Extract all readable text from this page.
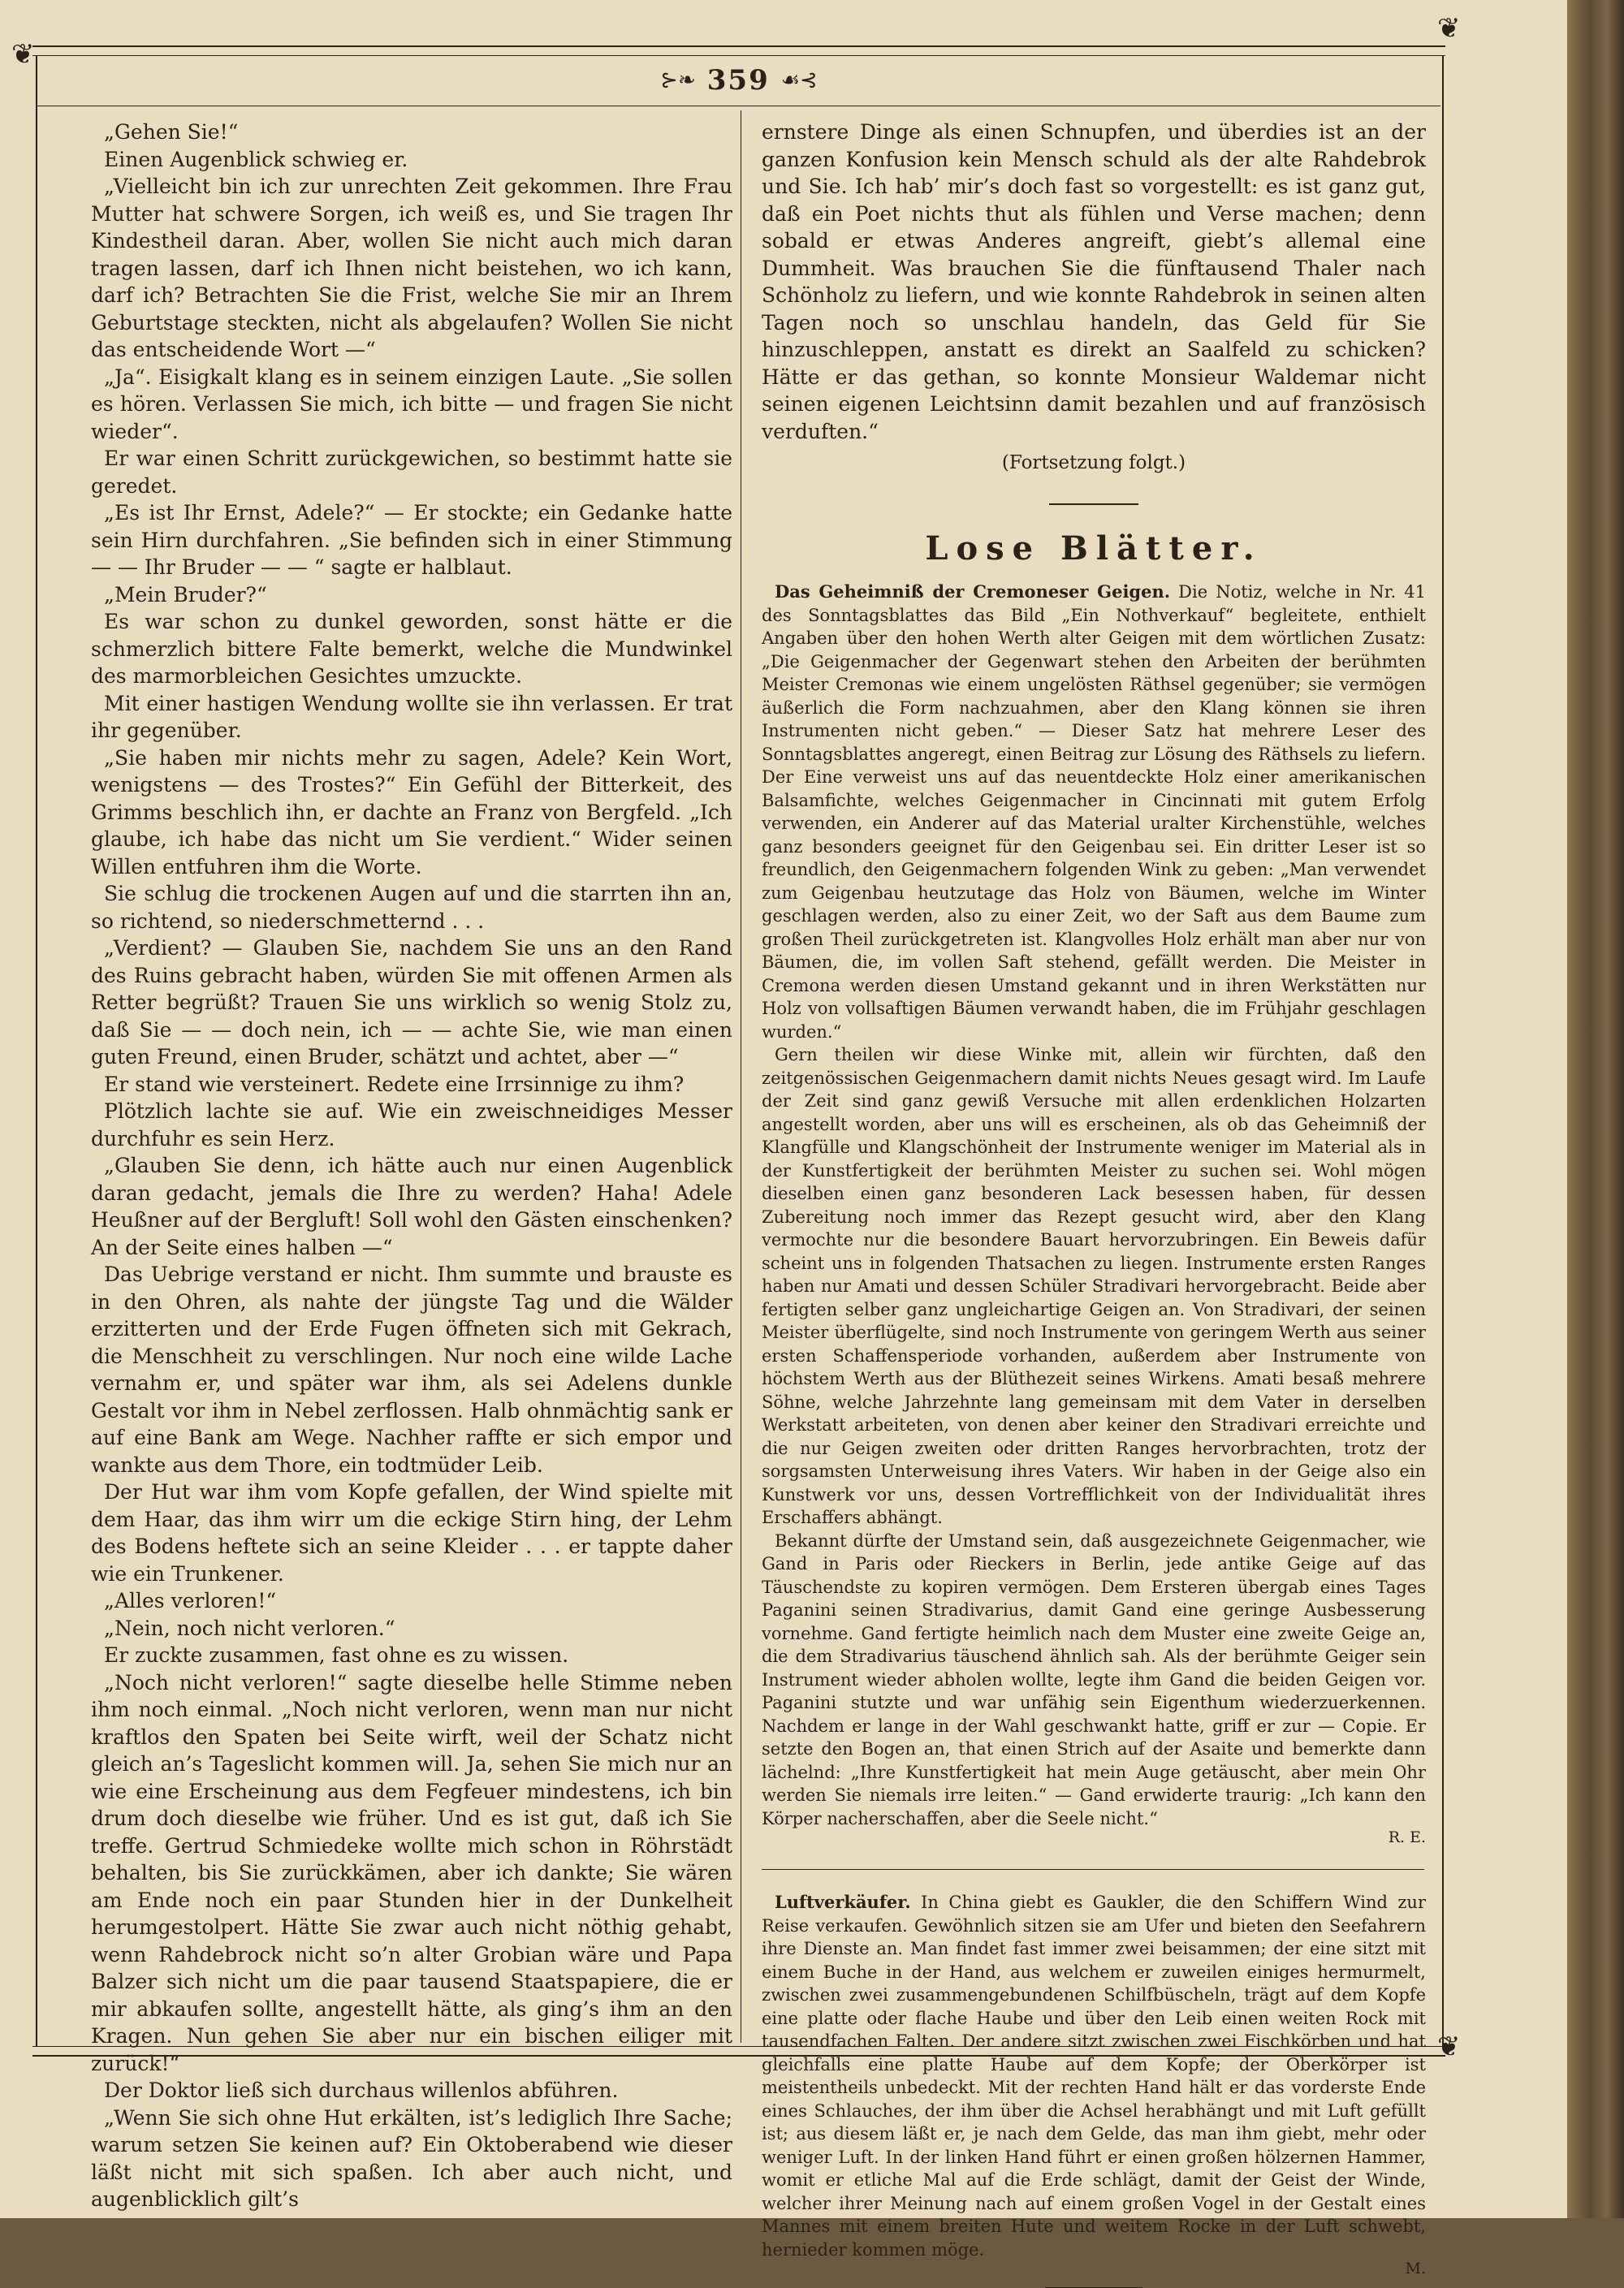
❦
❦
❦
⊱❧ 359 ☙⊰

„Gehen Sie!“

Einen Augenblick schwieg er.

„Vielleicht bin ich zur unrechten Zeit gekommen. Ihre Frau Mutter hat schwere Sorgen, ich weiß es, und Sie tragen Ihr Kindestheil daran. Aber, wollen Sie nicht auch mich daran tragen lassen, darf ich Ihnen nicht beistehen, wo ich kann, darf ich? Betrachten Sie die Frist, welche Sie mir an Ihrem Geburtstage steckten, nicht als abgelaufen? Wollen Sie nicht das entscheidende Wort —“

„Ja“. Eisigkalt klang es in seinem einzigen Laute. „Sie sollen es hören. Verlassen Sie mich, ich bitte — und fragen Sie nicht wieder“.

Er war einen Schritt zurückgewichen, so bestimmt hatte sie geredet.

„Es ist Ihr Ernst, Adele?“ — Er stockte; ein Gedanke hatte sein Hirn durchfahren. „Sie befinden sich in einer Stimmung — — Ihr Bruder — — “ sagte er halblaut.

„Mein Bruder?“

Es war schon zu dunkel geworden, sonst hätte er die schmerzlich bittere Falte bemerkt, welche die Mundwinkel des marmorbleichen Gesichtes umzuckte.

Mit einer hastigen Wendung wollte sie ihn verlassen. Er trat ihr gegenüber.

„Sie haben mir nichts mehr zu sagen, Adele? Kein Wort, wenigstens — des Trostes?“ Ein Gefühl der Bitterkeit, des Grimms beschlich ihn, er dachte an Franz von Bergfeld. „Ich glaube, ich habe das nicht um Sie verdient.“ Wider seinen Willen entfuhren ihm die Worte.

Sie schlug die trockenen Augen auf und die starrten ihn an, so richtend, so niederschmetternd . . .

„Verdient? — Glauben Sie, nachdem Sie uns an den Rand des Ruins gebracht haben, würden Sie mit offenen Armen als Retter begrüßt? Trauen Sie uns wirklich so wenig Stolz zu, daß Sie — — doch nein, ich — — achte Sie, wie man einen guten Freund, einen Bruder, schätzt und achtet, aber —“

Er stand wie versteinert. Redete eine Irrsinnige zu ihm?

Plötzlich lachte sie auf. Wie ein zweischneidiges Messer durchfuhr es sein Herz.

„Glauben Sie denn, ich hätte auch nur einen Augenblick daran gedacht, jemals die Ihre zu werden? Haha! Adele Heußner auf der Bergluft! Soll wohl den Gästen einschenken? An der Seite eines halben —“

Das Uebrige verstand er nicht. Ihm summte und brauste es in den Ohren, als nahte der jüngste Tag und die Wälder erzitterten und der Erde Fugen öffneten sich mit Gekrach, die Menschheit zu verschlingen. Nur noch eine wilde Lache vernahm er, und später war ihm, als sei Adelens dunkle Gestalt vor ihm in Nebel zerflossen. Halb ohnmächtig sank er auf eine Bank am Wege. Nachher raffte er sich empor und wankte aus dem Thore, ein todtmüder Leib.

Der Hut war ihm vom Kopfe gefallen, der Wind spielte mit dem Haar, das ihm wirr um die eckige Stirn hing, der Lehm des Bodens heftete sich an seine Kleider . . . er tappte daher wie ein Trunkener.

„Alles verloren!“

„Nein, noch nicht verloren.“

Er zuckte zusammen, fast ohne es zu wissen.

„Noch nicht verloren!“ sagte dieselbe helle Stimme neben ihm noch einmal. „Noch nicht verloren, wenn man nur nicht kraftlos den Spaten bei Seite wirft, weil der Schatz nicht gleich an’s Tageslicht kommen will. Ja, sehen Sie mich nur an wie eine Erscheinung aus dem Fegfeuer mindestens, ich bin drum doch dieselbe wie früher. Und es ist gut, daß ich Sie treffe. Gertrud Schmiedeke wollte mich schon in Röhrstädt behalten, bis Sie zurückkämen, aber ich dankte; Sie wären am Ende noch ein paar Stunden hier in der Dunkelheit herumgestolpert. Hätte Sie zwar auch nicht nöthig gehabt, wenn Rahdebrock nicht so’n alter Grobian wäre und Papa Balzer sich nicht um die paar tausend Staatspapiere, die er mir abkaufen sollte, angestellt hätte, als ging’s ihm an den Kragen. Nun gehen Sie aber nur ein bischen eiliger mit zurück!“

Der Doktor ließ sich durchaus willenlos abführen.

„Wenn Sie sich ohne Hut erkälten, ist’s lediglich Ihre Sache; warum setzen Sie keinen auf? Ein Oktoberabend wie dieser läßt nicht mit sich spaßen. Ich aber auch nicht, und augenblicklich gilt’s

ernstere Dinge als einen Schnupfen, und überdies ist an der ganzen Konfusion kein Mensch schuld als der alte Rahdebrok und Sie. Ich hab’ mir’s doch fast so vorgestellt: es ist ganz gut, daß ein Poet nichts thut als fühlen und Verse machen; denn sobald er etwas Anderes angreift, giebt’s allemal eine Dummheit. Was brauchen Sie die fünftausend Thaler nach Schönholz zu liefern, und wie konnte Rahdebrok in seinen alten Tagen noch so unschlau handeln, das Geld für Sie hinzuschleppen, anstatt es direkt an Saalfeld zu schicken? Hätte er das gethan, so konnte Monsieur Waldemar nicht seinen eigenen Leichtsinn damit bezahlen und auf französisch verduften.“

(Fortsetzung folgt.)

Lose Blätter.

Das Geheimniß der Cremoneser Geigen. Die Notiz, welche in Nr. 41 des Sonntagsblattes das Bild „Ein Nothverkauf“ begleitete, enthielt Angaben über den hohen Werth alter Geigen mit dem wörtlichen Zusatz: „Die Geigenmacher der Gegenwart stehen den Arbeiten der berühmten Meister Cremonas wie einem ungelösten Räthsel gegenüber; sie vermögen äußerlich die Form nachzuahmen, aber den Klang können sie ihren Instrumenten nicht geben.“ — Dieser Satz hat mehrere Leser des Sonntagsblattes angeregt, einen Beitrag zur Lösung des Räthsels zu liefern. Der Eine verweist uns auf das neuentdeckte Holz einer amerikanischen Balsamfichte, welches Geigenmacher in Cincinnati mit gutem Erfolg verwenden, ein Anderer auf das Material uralter Kirchenstühle, welches ganz besonders geeignet für den Geigenbau sei. Ein dritter Leser ist so freundlich, den Geigenmachern folgenden Wink zu geben: „Man verwendet zum Geigenbau heutzutage das Holz von Bäumen, welche im Winter geschlagen werden, also zu einer Zeit, wo der Saft aus dem Baume zum großen Theil zurückgetreten ist. Klangvolles Holz erhält man aber nur von Bäumen, die, im vollen Saft stehend, gefällt werden. Die Meister in Cremona werden diesen Umstand gekannt und in ihren Werkstätten nur Holz von vollsaftigen Bäumen verwandt haben, die im Frühjahr geschlagen wurden.“

Gern theilen wir diese Winke mit, allein wir fürchten, daß den zeitgenössischen Geigenmachern damit nichts Neues gesagt wird. Im Laufe der Zeit sind ganz gewiß Versuche mit allen erdenklichen Holzarten angestellt worden, aber uns will es erscheinen, als ob das Geheimniß der Klangfülle und Klangschönheit der Instrumente weniger im Material als in der Kunstfertigkeit der berühmten Meister zu suchen sei. Wohl mögen dieselben einen ganz besonderen Lack besessen haben, für dessen Zubereitung noch immer das Rezept gesucht wird, aber den Klang vermochte nur die besondere Bauart hervorzubringen. Ein Beweis dafür scheint uns in folgenden Thatsachen zu liegen. Instrumente ersten Ranges haben nur Amati und dessen Schüler Stradivari hervorgebracht. Beide aber fertigten selber ganz ungleichartige Geigen an. Von Stradivari, der seinen Meister überflügelte, sind noch Instrumente von geringem Werth aus seiner ersten Schaffensperiode vorhanden, außerdem aber Instrumente von höchstem Werth aus der Blüthezeit seines Wirkens. Amati besaß mehrere Söhne, welche Jahrzehnte lang gemeinsam mit dem Vater in derselben Werkstatt arbeiteten, von denen aber keiner den Stradivari erreichte und die nur Geigen zweiten oder dritten Ranges hervorbrachten, trotz der sorgsamsten Unterweisung ihres Vaters. Wir haben in der Geige also ein Kunstwerk vor uns, dessen Vortrefflichkeit von der Individualität ihres Erschaffers abhängt.

Bekannt dürfte der Umstand sein, daß ausgezeichnete Geigenmacher, wie Gand in Paris oder Rieckers in Berlin, jede antike Geige auf das Täuschendste zu kopiren vermögen. Dem Ersteren übergab eines Tages Paganini seinen Stradivarius, damit Gand eine geringe Ausbesserung vornehme. Gand fertigte heimlich nach dem Muster eine zweite Geige an, die dem Stradivarius täuschend ähnlich sah. Als der berühmte Geiger sein Instrument wieder abholen wollte, legte ihm Gand die beiden Geigen vor. Paganini stutzte und war unfähig sein Eigenthum wiederzuerkennen. Nachdem er lange in der Wahl geschwankt hatte, griff er zur — Copie. Er setzte den Bogen an, that einen Strich auf der Asaite und bemerkte dann lächelnd: „Ihre Kunstfertigkeit hat mein Auge getäuscht, aber mein Ohr werden Sie niemals irre leiten.“ — Gand erwiderte traurig: „Ich kann den Körper nacherschaffen, aber die Seele nicht.“

R. E.

Luftverkäufer. In China giebt es Gaukler, die den Schiffern Wind zur Reise verkaufen. Gewöhnlich sitzen sie am Ufer und bieten den Seefahrern ihre Dienste an. Man findet fast immer zwei beisammen; der eine sitzt mit einem Buche in der Hand, aus welchem er zuweilen einiges hermurmelt, zwischen zwei zusammengebundenen Schilfbüscheln, trägt auf dem Kopfe eine platte oder flache Haube und über den Leib einen weiten Rock mit tausendfachen Falten. Der andere sitzt zwischen zwei Fischkörben und hat gleichfalls eine platte Haube auf dem Kopfe; der Oberkörper ist meistentheils unbedeckt. Mit der rechten Hand hält er das vorderste Ende eines Schlauches, der ihm über die Achsel herabhängt und mit Luft gefüllt ist; aus diesem läßt er, je nach dem Gelde, das man ihm giebt, mehr oder weniger Luft. In der linken Hand führt er einen großen hölzernen Hammer, womit er etliche Mal auf die Erde schlägt, damit der Geist der Winde, welcher ihrer Meinung nach auf einem großen Vogel in der Gestalt eines Mannes mit einem breiten Hute und weitem Rocke in der Luft schwebt, hernieder kommen möge.

M.
